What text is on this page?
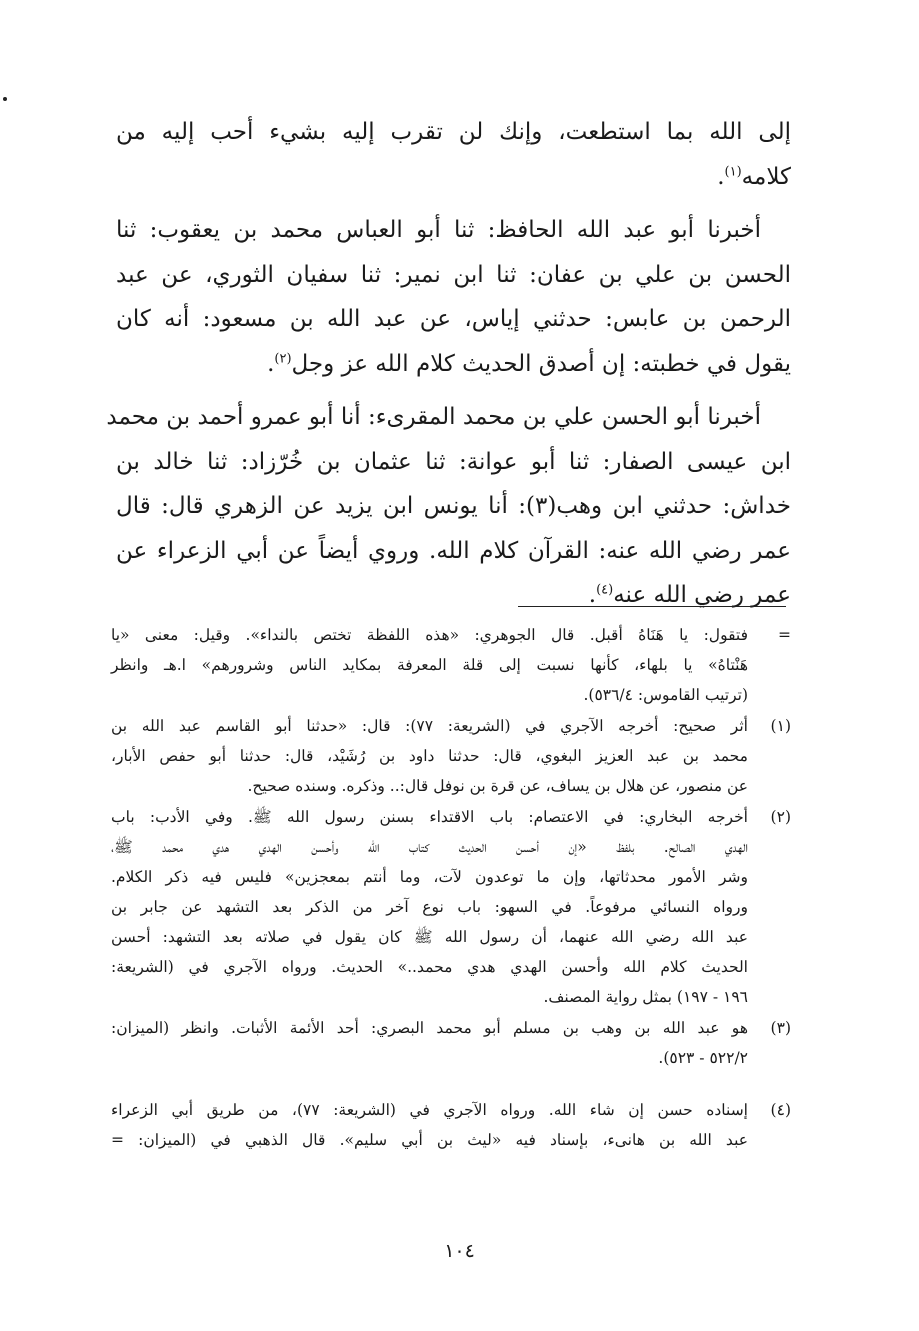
إلى الله بما استطعت، وإنك لن تقرب إليه بشيء أحب إليه من
كلامه$^{(١)}$.

أخبرنا أبو عبد الله الحافظ: ثنا أبو العباس محمد بن يعقوب: ثنا
الحسن بن علي بن عفان: ثنا ابن نمير: ثنا سفيان الثوري، عن عبد
الرحمن بن عابس: حدثني إياس، عن عبد الله بن مسعود: أنه كان
يقول في خطبته: إن أصدق الحديث كلام الله عز وجل$^{(٢)}$.

أخبرنا أبو الحسن علي بن محمد المقرىء: أنا أبو عمرو أحمد بن محمد
ابن عيسى الصفار: ثنا أبو عوانة: ثنا عثمان بن خُرّزاد: ثنا خالد بن
خداش: حدثني ابن وهب(٣): أنا يونس ابن يزيد عن الزهري قال: قال
عمر رضي الله عنه: القرآن كلام الله. وروي أيضاً عن أبي الزعراء عن
عمر رضي الله عنه$^{(٤)}$.

=
فتقول: يا هَنَاهُ أقبل. قال الجوهري: «هذه اللفظة تختص بالنداء». وقيل: معنى «يا
هَنْتاهُ» يا بلهاء، كأنها نسبت إلى قلة المعرفة بمكايد الناس وشرورهم» ا.هـ وانظر
(ترتيب القاموس: ٥٣٦/٤).
(١)
أثر صحيح: أخرجه الآجري في (الشريعة: ٧٧): قال: «حدثنا أبو القاسم عبد الله بن
محمد بن عبد العزيز البغوي، قال: حدثنا داود بن رُشَيْد، قال: حدثنا أبو حفص الأبار،
عن منصور، عن هلال بن يساف، عن قرة بن نوفل قال:.. وذكره. وسنده صحيح.
(٢)
أخرجه البخاري: في الاعتصام: باب الاقتداء بسنن رسول الله ﷺ. وفي الأدب: باب
الهدي الصالح. بلفظ «إن أحسن الحديث كتاب الله وأحسن الهدي هدي محمد ﷺ،
وشر الأمور محدثاتها، وإن ما توعدون لآت، وما أنتم بمعجزين» فليس فيه ذكر الكلام.
ورواه النسائي مرفوعاً. في السهو: باب نوع آخر من الذكر بعد التشهد عن جابر بن
عبد الله رضي الله عنهما، أن رسول الله ﷺ كان يقول في صلاته بعد التشهد: أحسن
الحديث كلام الله وأحسن الهدي هدي محمد..» الحديث. ورواه الآجري في (الشريعة:
١٩٦ - ١٩٧) بمثل رواية المصنف.
(٣)
هو عبد الله بن وهب بن مسلم أبو محمد البصري: أحد الأئمة الأثبات. وانظر (الميزان:
٥٢٢/٢ - ٥٢٣).
(٤)
إسناده حسن إن شاء الله. ورواه الآجري في (الشريعة: ٧٧)، من طريق أبي الزعراء
عبد الله بن هانىء، بإسناد فيه «ليث بن أبي سليم». قال الذهبي في (الميزان: =
١٠٤
